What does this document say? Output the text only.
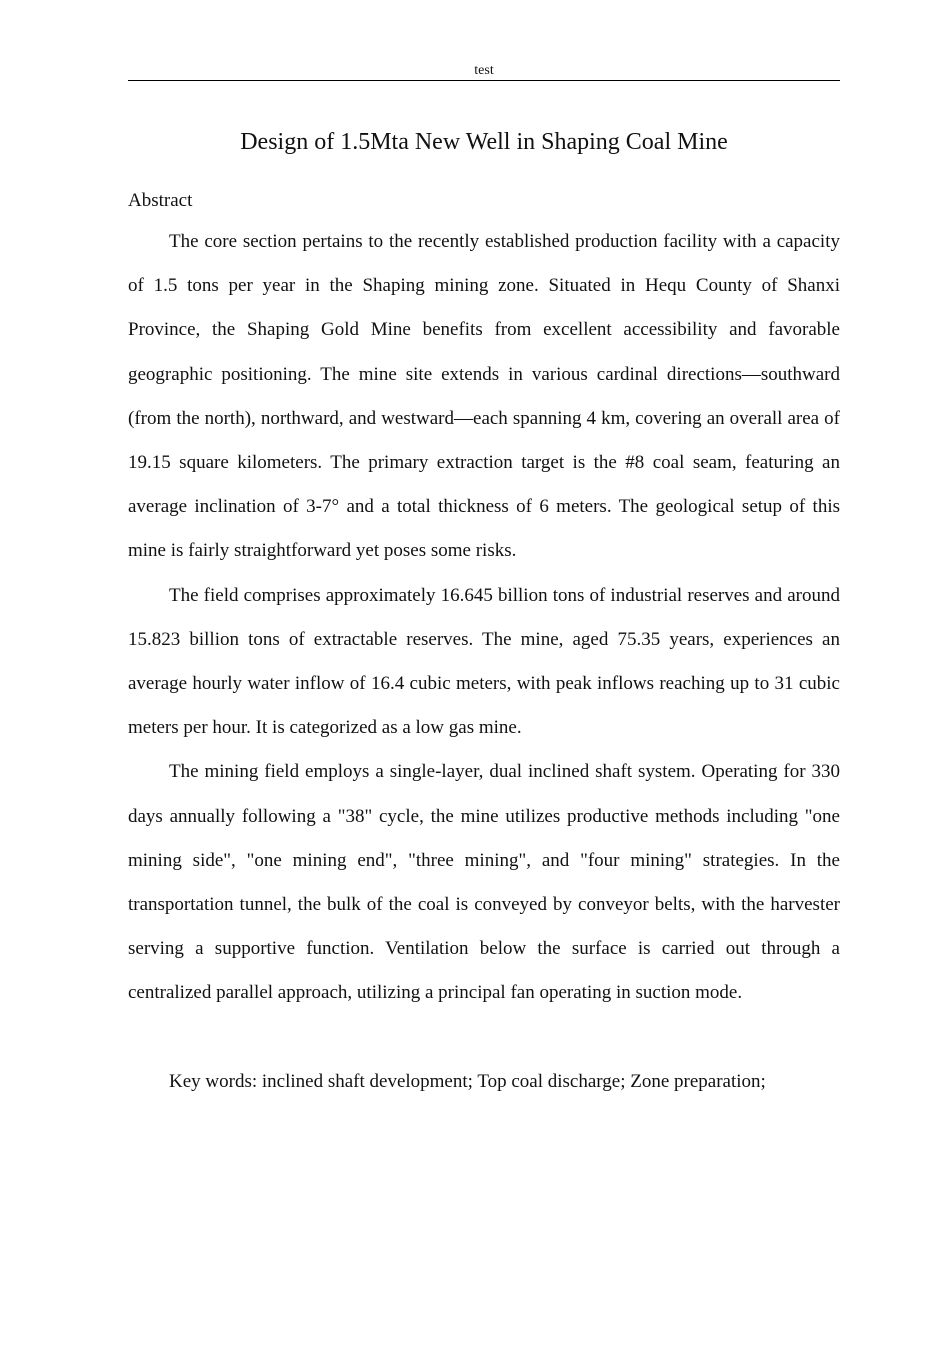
test
Design of 1.5Mta New Well in Shaping Coal Mine
Abstract

The core section pertains to the recently established production facility with a capacity of 1.5 tons per year in the Shaping mining zone. Situated in Hequ County of Shanxi Province, the Shaping Gold Mine benefits from excellent accessibility and favorable geographic positioning. The mine site extends in various cardinal directions—southward (from the north), northward, and westward—each spanning 4 km, covering an overall area of 19.15 square kilometers. The primary extraction target is the #8 coal seam, featuring an average inclination of 3-7° and a total thickness of 6 meters. The geological setup of this mine is fairly straightforward yet poses some risks.

The field comprises approximately 16.645 billion tons of industrial reserves and around 15.823 billion tons of extractable reserves. The mine, aged 75.35 years, experiences an average hourly water inflow of 16.4 cubic meters, with peak inflows reaching up to 31 cubic meters per hour. It is categorized as a low gas mine.

The mining field employs a single-layer, dual inclined shaft system. Operating for 330 days annually following a "38" cycle, the mine utilizes productive methods including "one mining side", "one mining end", "three mining", and "four mining" strategies. In the transportation tunnel, the bulk of the coal is conveyed by conveyor belts, with the harvester serving a supportive function. Ventilation below the surface is carried out through a centralized parallel approach, utilizing a principal fan operating in suction mode.

Key words: inclined shaft development; Top coal discharge; Zone preparation;
